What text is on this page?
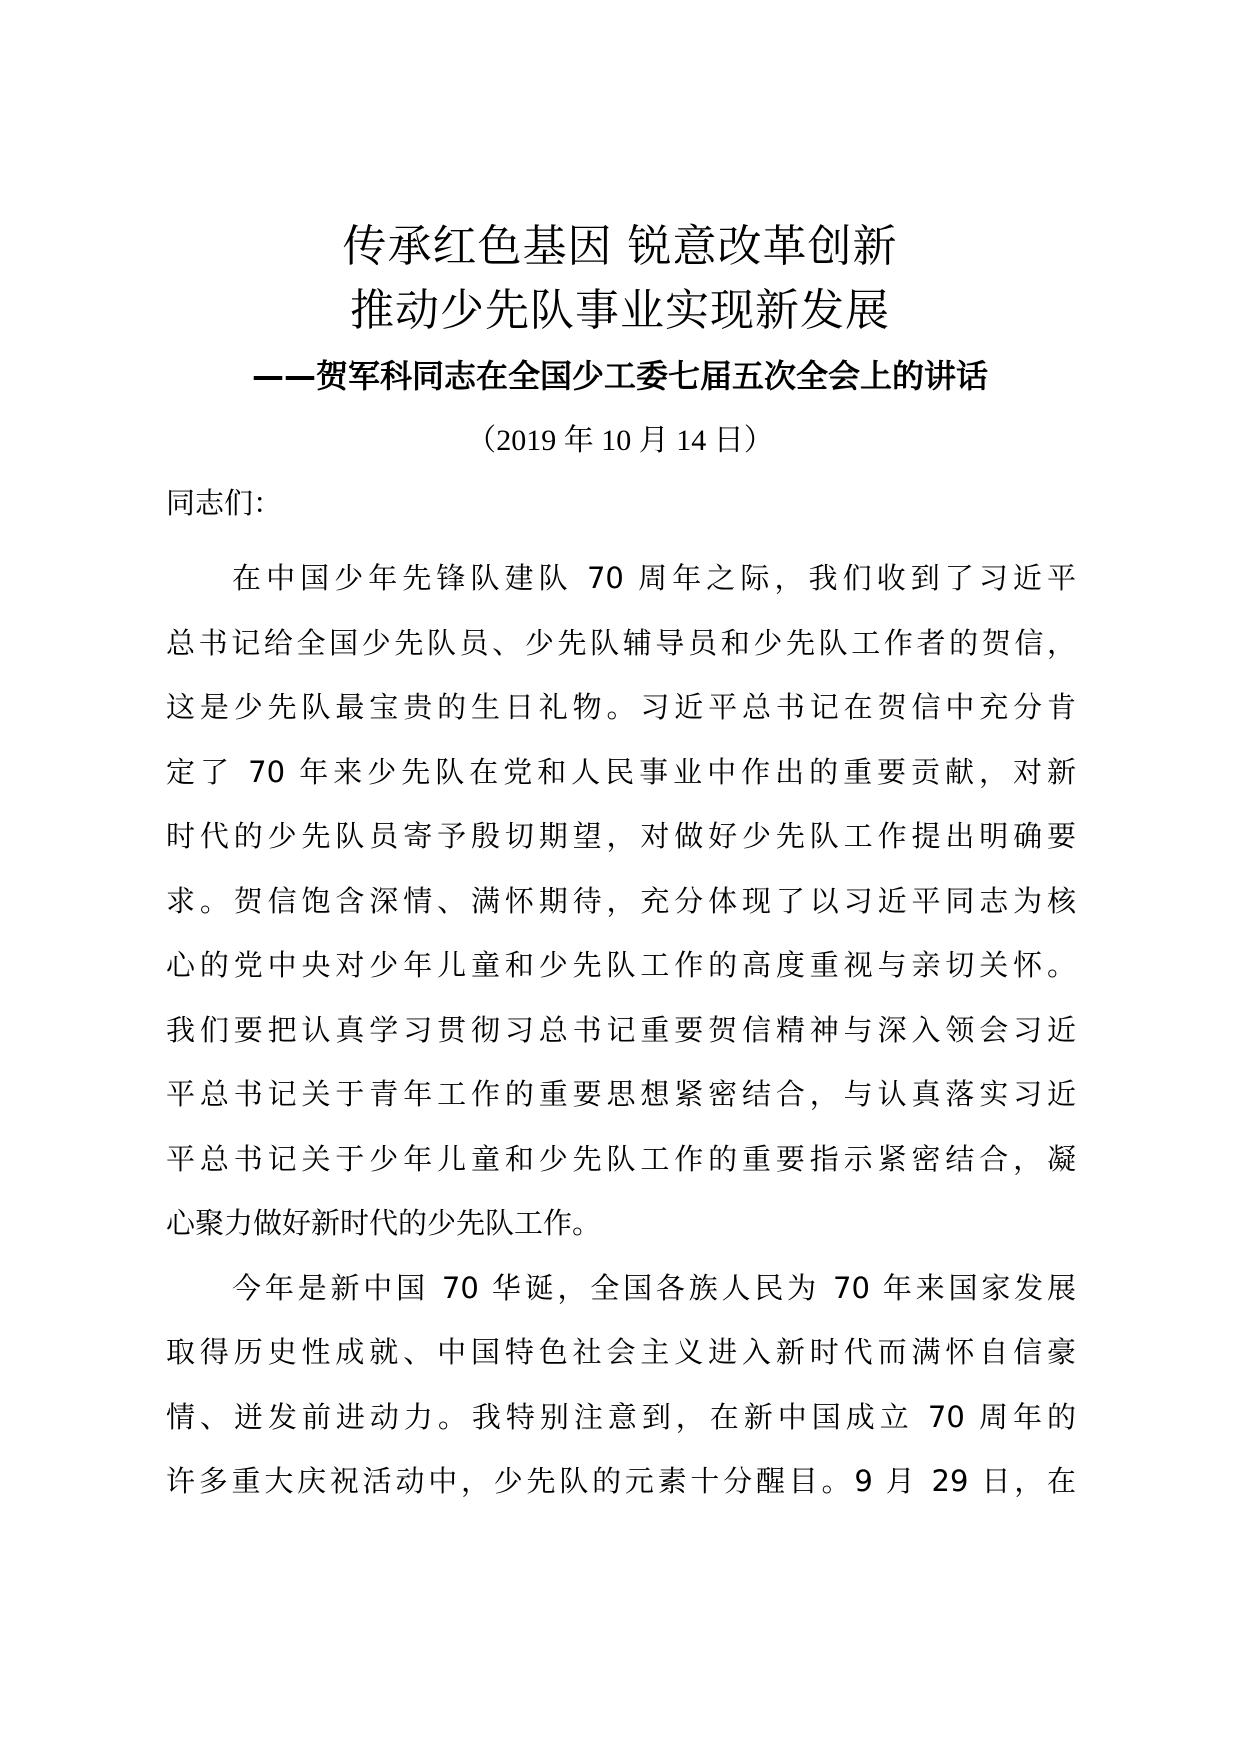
传承红色基因 锐意改革创新
推动少先队事业实现新发展
——贺军科同志在全国少工委七届五次全会上的讲话
（2019 年 10 月 14 日）
同志们：
在中国少年先锋队建队 70 周年之际，我们收到了习近平
总书记给全国少先队员、少先队辅导员和少先队工作者的贺信，
这是少先队最宝贵的生日礼物。习近平总书记在贺信中充分肯
定了 70 年来少先队在党和人民事业中作出的重要贡献，对新
时代的少先队员寄予殷切期望，对做好少先队工作提出明确要
求。贺信饱含深情、满怀期待，充分体现了以习近平同志为核
心的党中央对少年儿童和少先队工作的高度重视与亲切关怀。
我们要把认真学习贯彻习总书记重要贺信精神与深入领会习近
平总书记关于青年工作的重要思想紧密结合，与认真落实习近
平总书记关于少年儿童和少先队工作的重要指示紧密结合，凝
心聚力做好新时代的少先队工作。
今年是新中国 70 华诞，全国各族人民为 70 年来国家发展
取得历史性成就、中国特色社会主义进入新时代而满怀自信豪
情、迸发前进动力。我特别注意到，在新中国成立 70 周年的
许多重大庆祝活动中，少先队的元素十分醒目。9 月 29 日，在
